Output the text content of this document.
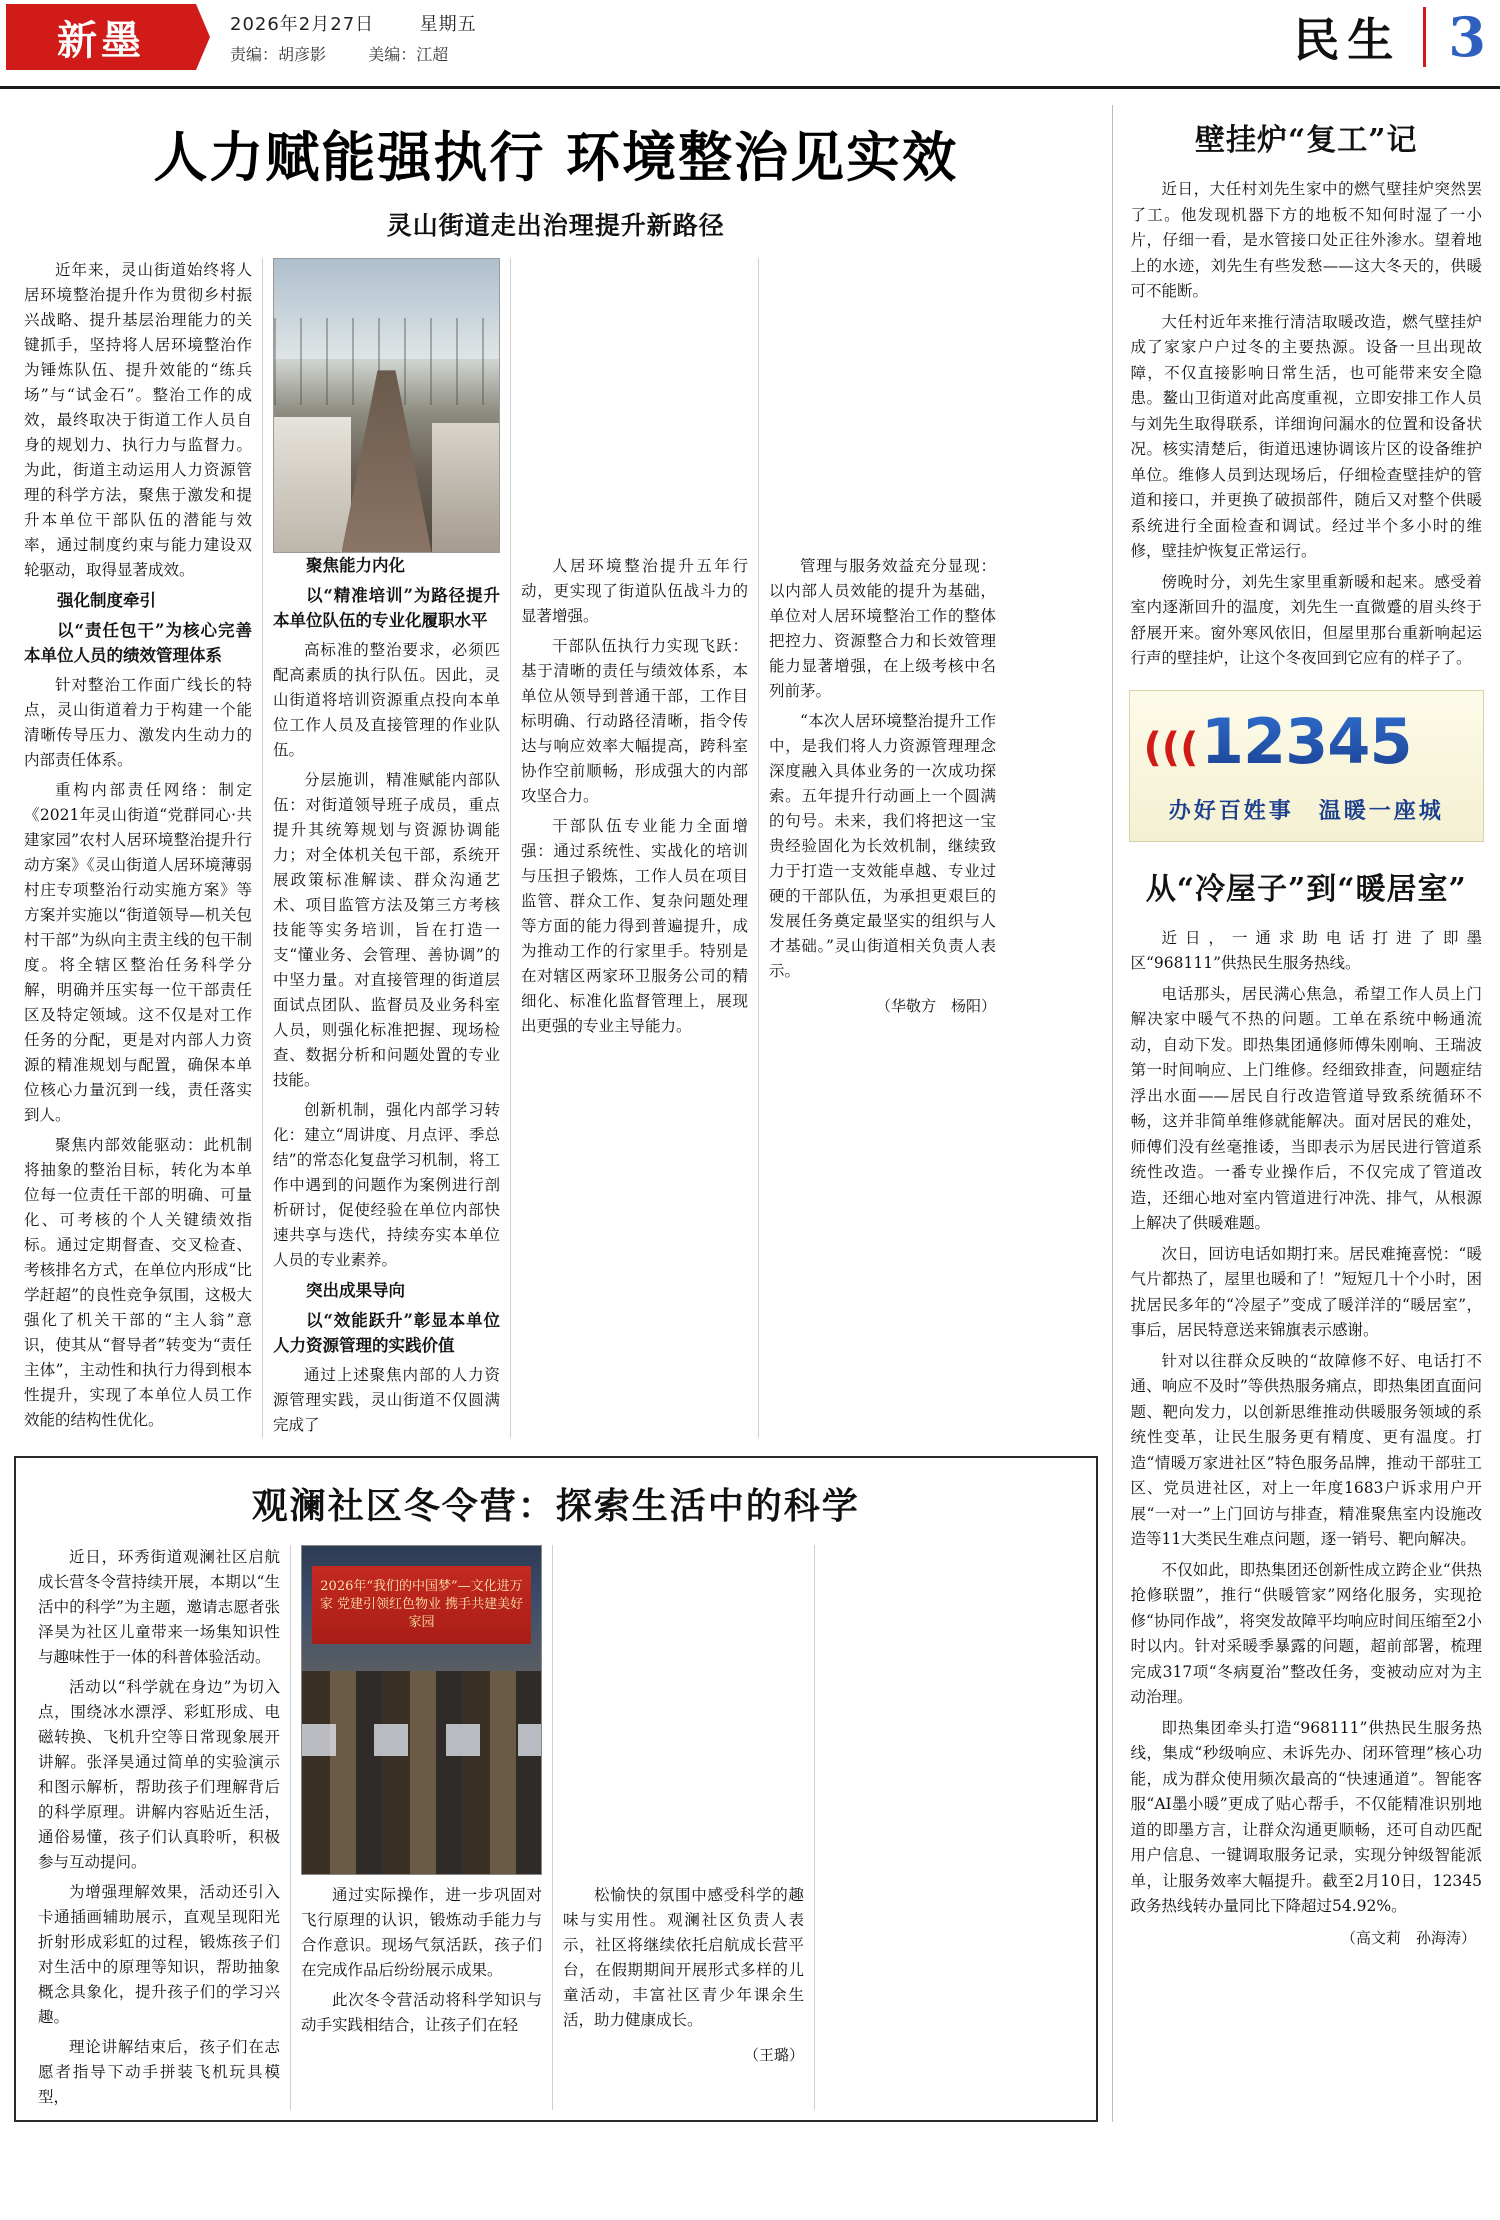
新墨	2026年2月27日	星期五
责编：胡彦影	美编：江超	民生 3
人力赋能强执行 环境整治见实效
灵山街道走出治理提升新路径

近年来，灵山街道始终将人居环境整治提升作为贯彻乡村振兴战略、提升基层治理能力的关键抓手，坚持将人居环境整治作为锤炼队伍、提升效能的“练兵场”与“试金石”。整治工作的成效，最终取决于街道工作人员自身的规划力、执行力与监督力。为此，街道主动运用人力资源管理的科学方法，聚焦于激发和提升本单位干部队伍的潜能与效率，通过制度约束与能力建设双轮驱动，取得显著成效。

强化制度牵引

以“责任包干”为核心完善本单位人员的绩效管理体系

针对整治工作面广线长的特点，灵山街道着力于构建一个能清晰传导压力、激发内生动力的内部责任体系。

重构内部责任网络：制定《2021年灵山街道“党群同心·共建家园”农村人居环境整治提升行动方案》《灵山街道人居环境薄弱村庄专项整治行动实施方案》等方案并实施以“街道领导—机关包村干部”为纵向主责主线的包干制度。将全辖区整治任务科学分解，明确并压实每一位干部责任区及特定领域。这不仅是对工作任务的分配，更是对内部人力资源的精准规划与配置，确保本单位核心力量沉到一线，责任落实到人。

聚焦内部效能驱动：此机制将抽象的整治目标，转化为本单位每一位责任干部的明确、可量化、可考核的个人关键绩效指标。通过定期督查、交叉检查、考核排名方式，在单位内形成“比学赶超”的良性竞争氛围，这极大强化了机关干部的“主人翁”意识，使其从“督导者”转变为“责任主体”，主动性和执行力得到根本性提升，实现了本单位人员工作效能的结构性优化。

聚焦能力内化

以“精准培训”为路径提升本单位队伍的专业化履职水平

高标准的整治要求，必须匹配高素质的执行队伍。因此，灵山街道将培训资源重点投向本单位工作人员及直接管理的作业队伍。

分层施训，精准赋能内部队伍：对街道领导班子成员，重点提升其统筹规划与资源协调能力；对全体机关包干部，系统开展政策标准解读、群众沟通艺术、项目监管方法及第三方考核技能等实务培训，旨在打造一支“懂业务、会管理、善协调”的中坚力量。对直接管理的街道层面试点团队、监督员及业务科室人员，则强化标准把握、现场检查、数据分析和问题处置的专业技能。

创新机制，强化内部学习转化：建立“周讲度、月点评、季总结”的常态化复盘学习机制，将工作中遇到的问题作为案例进行剖析研讨，促使经验在单位内部快速共享与迭代，持续夯实本单位人员的专业素养。

突出成果导向

以“效能跃升”彰显本单位人力资源管理的实践价值

通过上述聚焦内部的人力资源管理实践，灵山街道不仅圆满完成了

人居环境整治提升五年行动，更实现了街道队伍战斗力的显著增强。

干部队伍执行力实现飞跃：基于清晰的责任与绩效体系，本单位从领导到普通干部，工作目标明确、行动路径清晰，指令传达与响应效率大幅提高，跨科室协作空前顺畅，形成强大的内部攻坚合力。

干部队伍专业能力全面增强：通过系统性、实战化的培训与压担子锻炼，工作人员在项目监管、群众工作、复杂问题处理等方面的能力得到普遍提升，成为推动工作的行家里手。特别是在对辖区两家环卫服务公司的精细化、标准化监督管理上，展现出更强的专业主导能力。

管理与服务效益充分显现：以内部人员效能的提升为基础，单位对人居环境整治工作的整体把控力、资源整合力和长效管理能力显著增强，在上级考核中名列前茅。

“本次人居环境整治提升工作中，是我们将人力资源管理理念深度融入具体业务的一次成功探索。五年提升行动画上一个圆满的句号。未来，我们将把这一宝贵经验固化为长效机制，继续致力于打造一支效能卓越、专业过硬的干部队伍，为承担更艰巨的发展任务奠定最坚实的组织与人才基础。”灵山街道相关负责人表示。

（华敬方　杨阳）
观澜社区冬令营：探索生活中的科学

近日，环秀街道观澜社区启航成长营冬令营持续开展，本期以“生活中的科学”为主题，邀请志愿者张泽昊为社区儿童带来一场集知识性与趣味性于一体的科普体验活动。

活动以“科学就在身边”为切入点，围绕冰水漂浮、彩虹形成、电磁转换、飞机升空等日常现象展开讲解。张泽昊通过简单的实验演示和图示解析，帮助孩子们理解背后的科学原理。讲解内容贴近生活，通俗易懂，孩子们认真聆听，积极参与互动提问。

为增强理解效果，活动还引入卡通插画辅助展示，直观呈现阳光折射形成彩虹的过程，锻炼孩子们对生活中的原理等知识，帮助抽象概念具象化，提升孩子们的学习兴趣。

理论讲解结束后，孩子们在志愿者指导下动手拼装飞机玩具模型，

2026年“我们的中国梦”—文化进万家 党建引领红色物业 携手共建美好家园

通过实际操作，进一步巩固对飞行原理的认识，锻炼动手能力与合作意识。现场气氛活跃，孩子们在完成作品后纷纷展示成果。

此次冬令营活动将科学知识与动手实践相结合，让孩子们在轻

松愉快的氛围中感受科学的趣味与实用性。观澜社区负责人表示，社区将继续依托启航成长营平台，在假期期间开展形式多样的儿童活动，丰富社区青少年课余生活，助力健康成长。

（王璐）
壁挂炉“复工”记

近日，大任村刘先生家中的燃气壁挂炉突然罢了工。他发现机器下方的地板不知何时湿了一小片，仔细一看，是水管接口处正往外渗水。望着地上的水迹，刘先生有些发愁——这大冬天的，供暖可不能断。

大任村近年来推行清洁取暖改造，燃气壁挂炉成了家家户户过冬的主要热源。设备一旦出现故障，不仅直接影响日常生活，也可能带来安全隐患。鳌山卫街道对此高度重视，立即安排工作人员与刘先生取得联系，详细询问漏水的位置和设备状况。核实清楚后，街道迅速协调该片区的设备维护单位。维修人员到达现场后，仔细检查壁挂炉的管道和接口，并更换了破损部件，随后又对整个供暖系统进行全面检查和调试。经过半个多小时的维修，壁挂炉恢复正常运行。

傍晚时分，刘先生家里重新暖和起来。感受着室内逐渐回升的温度，刘先生一直微蹙的眉头终于舒展开来。窗外寒风依旧，但屋里那台重新响起运行声的壁挂炉，让这个冬夜回到它应有的样子了。

12345
办好百姓事　温暖一座城
从“冷屋子”到“暖居室”

近日，一通求助电话打进了即墨区“968111”供热民生服务热线。

电话那头，居民满心焦急，希望工作人员上门解决家中暖气不热的问题。工单在系统中畅通流动，自动下发。即热集团通修师傅朱刚响、王瑞波第一时间响应、上门维修。经细致排查，问题症结浮出水面——居民自行改造管道导致系统循环不畅，这并非简单维修就能解决。面对居民的难处，师傅们没有丝毫推诿，当即表示为居民进行管道系统性改造。一番专业操作后，不仅完成了管道改造，还细心地对室内管道进行冲洗、排气，从根源上解决了供暖难题。

次日，回访电话如期打来。居民难掩喜悦：“暖气片都热了，屋里也暖和了！”短短几十个小时，困扰居民多年的“冷屋子”变成了暖洋洋的“暖居室”，事后，居民特意送来锦旗表示感谢。

针对以往群众反映的“故障修不好、电话打不通、响应不及时”等供热服务痛点，即热集团直面问题、靶向发力，以创新思维推动供暖服务领域的系统性变革，让民生服务更有精度、更有温度。打造“情暖万家进社区”特色服务品牌，推动干部驻工区、党员进社区，对上一年度1683户诉求用户开展“一对一”上门回访与排查，精准聚焦室内设施改造等11大类民生难点问题，逐一销号、靶向解决。

不仅如此，即热集团还创新性成立跨企业“供热抢修联盟”，推行“供暖管家”网络化服务，实现抢修“协同作战”，将突发故障平均响应时间压缩至2小时以内。针对采暖季暴露的问题，超前部署，梳理完成317项“冬病夏治”整改任务，变被动应对为主动治理。

即热集团牵头打造“968111”供热民生服务热线，集成“秒级响应、未诉先办、闭环管理”核心功能，成为群众使用频次最高的“快速通道”。智能客服“AI墨小暖”更成了贴心帮手，不仅能精准识别地道的即墨方言，让群众沟通更顺畅，还可自动匹配用户信息、一键调取服务记录，实现分钟级智能派单，让服务效率大幅提升。截至2月10日，12345政务热线转办量同比下降超过54.92%。

（高文莉　孙海涛）
